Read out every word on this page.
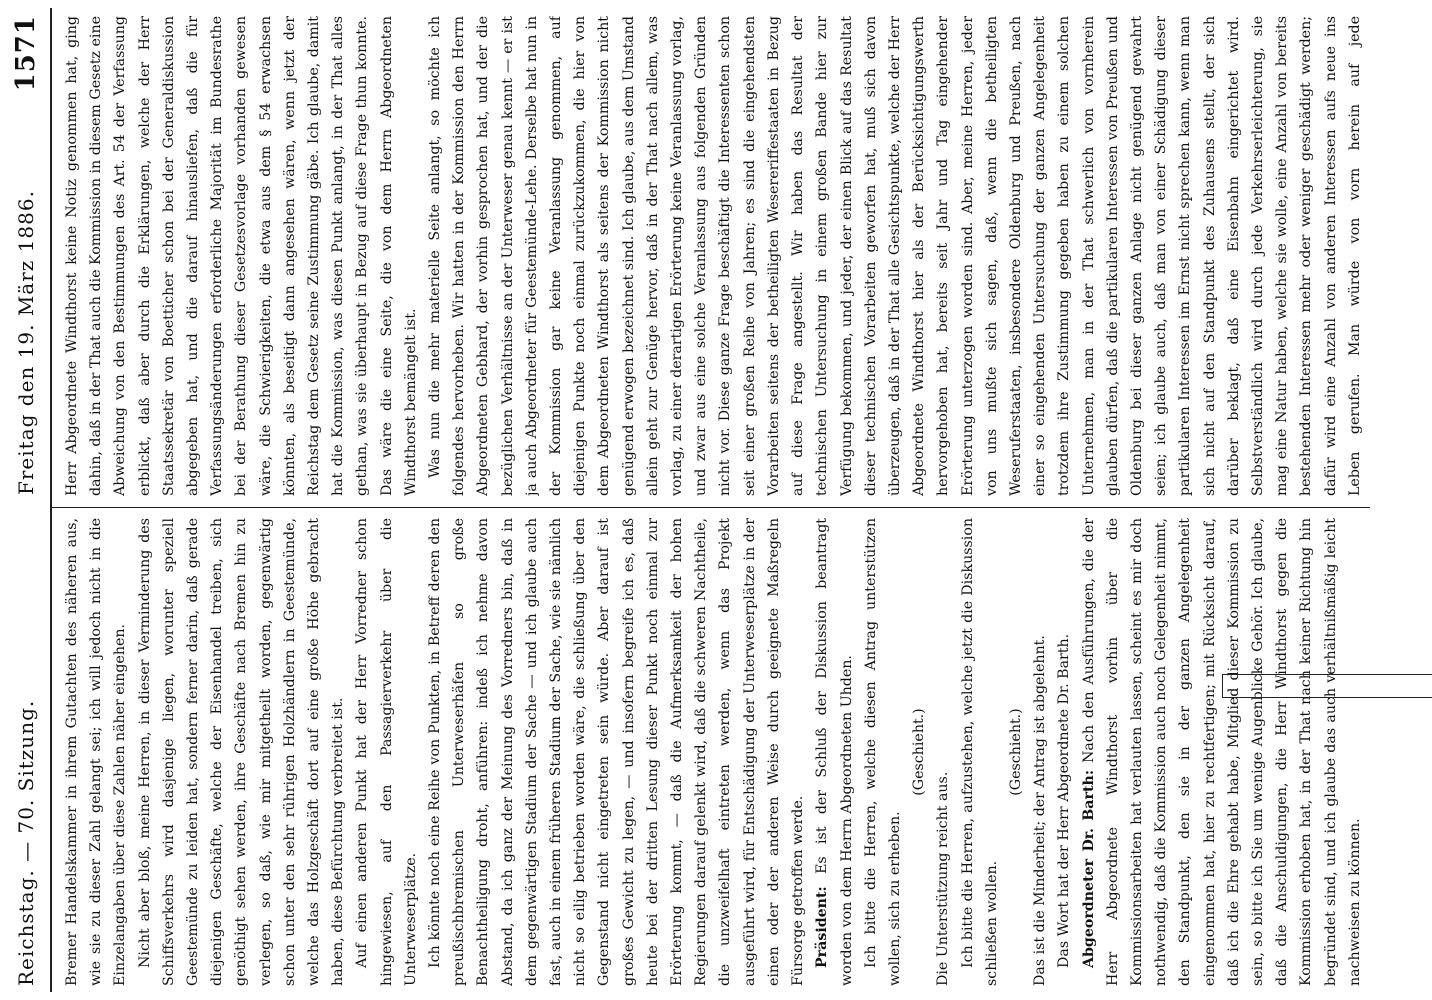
Reichstag. — 70. Sitzung.
Freitag den 19. März 1886.
1571

Bremer Handelskammer in ihrem Gutachten des näheren aus, wie sie zu dieser Zahl gelangt sei; ich will jedoch nicht in die Einzelangaben über diese Zahlen näher eingehen. Nicht aber bloß, meine Herren, in dieser Verminderung des Schiffsverkehrs wird dasjenige liegen, worunter speziell Geestemünde zu leiden hat, sondern ferner darin, daß gerade diejenigen Geschäfte, welche der Eisenhandel treiben, sich genöthigt sehen werden, ihre Geschäfte nach Bremen hin zu verlegen, so daß, wie mir mitgetheilt worden, gegenwärtig schon unter den sehr rührigen Holzhändlern in Geestemünde, welche das Holzgeschäft dort auf eine große Höhe gebracht haben, diese Befürchtung verbreitet ist. Auf einen anderen Punkt hat der Herr Vorredner schon hingewiesen, auf den Passagierverkehr über die Unterweserplätze. Ich könnte noch eine Reihe von Punkten, in Betreff deren den preußischbremischen Unterweserhäfen so große Benachtheiligung droht, anführen: indeß ich nehme davon Abstand, da ich ganz der Meinung des Vorredners bin, daß in dem gegenwärtigen Stadium der Sache — und ich glaube auch fast, auch in einem früheren Stadium der Sache, wie sie nämlich nicht so eilig betrieben worden wäre, die schließung über den Gegenstand nicht eingetreten sein würde. Aber darauf ist großes Gewicht zu legen, — und insofern begreife ich es, daß heute bei der dritten Lesung dieser Punkt noch einmal zur Erörterung kommt, — daß die Aufmerksamkeit der hohen Regierungen darauf gelenkt wird, daß die schweren Nachtheile, die unzweifelhaft eintreten werden, wenn das Projekt ausgeführt wird, für Entschädigung der Unterweserplätze in der einen oder der anderen Weise durch geeignete Maßregeln Fürsorge getroffen werde. Präsident: Es ist der Schluß der Diskussion beantragt worden von dem Herrn Abgeordneten Uhden. Ich bitte die Herren, welche diesen Antrag unterstützen wollen, sich zu erheben.

(Geschieht.)

Die Unterstützung reicht aus. Ich bitte die Herren, aufzustehen, welche jetzt die Diskussion schließen wollen.

(Geschieht.) Das ist die Minderheit; der Antrag ist abgelehnt. Das Wort hat der Herr Abgeordnete Dr. Barth. Abgeordneter Dr. Barth: Nach den Ausführungen, die der Herr Abgeordnete Windthorst vorhin über die Kommissionsarbeiten hat verlauten lassen, scheint es mir doch nothwendig, daß die Kommission auch noch Gelegenheit nimmt, den Standpunkt, den sie in der ganzen Angelegenheit eingenommen hat, hier zu rechtfertigen; mit Rücksicht darauf, daß ich die Ehre gehabt habe, Mitglied dieser Kommission zu sein, so bitte ich Sie um wenige Augenblicke Gehör. Ich glaube, daß die Anschuldigungen, die Herr Windthorst gegen die Kommission erhoben hat, in der That nach keiner Richtung hin begründet sind, und ich glaube das auch verhältnißmäßig leicht nachweisen zu können.

Herr Abgeordnete Windthorst keine Notiz genommen hat, ging dahin, daß in der That auch die Kommission in diesem Gesetz eine Abweichung von den Bestimmungen des Art. 54 der Verfassung erblickt, daß aber durch die Erklärungen, welche der Herr Staatssekretär von Boetticher schon bei der Generaldiskussion abgegeben hat, und die darauf hinausliefen, daß die für Verfassungsänderungen erforderliche Majorität im Bundesrathe bei der Berathung dieser Gesetzesvorlage vorhanden gewesen wäre, die Schwierigkeiten, die etwa aus dem § 54 erwachsen könnten, als beseitigt dann angesehen wären, wenn jetzt der Reichstag dem Gesetz seine Zustimmung gäbe. Ich glaube, damit hat die Kommission, was diesen Punkt anlangt, in der That alles gethan, was sie überhaupt in Bezug auf diese Frage thun konnte. Das wäre die eine Seite, die von dem Herrn Abgeordneten Windthorst bemängelt ist. Was nun die mehr materielle Seite anlangt, so möchte ich folgendes hervorheben. Wir hatten in der Kommission den Herrn Abgeordneten Gebhard, der vorhin gesprochen hat, und der die bezüglichen Verhältnisse an der Unterweser genau kennt — er ist ja auch Abgeordneter für Geestemünde-Lehe. Derselbe hat nun in der Kommission gar keine Veranlassung genommen, auf diejenigen Punkte noch einmal zurückzukommen, die hier von dem Abgeordneten Windthorst als seitens der Kommission nicht genügend erwogen bezeichnet sind. Ich glaube, aus dem Umstand allein geht zur Genüge hervor, daß in der That nach allem, was vorlag, zu einer derartigen Erörterung keine Veranlassung vorlag, und zwar aus eine solche Veranlassung aus folgenden Gründen nicht vor. Diese ganze Frage beschäftigt die Interessenten schon seit einer großen Reihe von Jahren; es sind die eingehendsten Vorarbeiten seitens der betheiligten Wesereriffestaaten in Bezug auf diese Frage angestellt. Wir haben das Resultat der technischen Untersuchung in einem großen Bande hier zur Verfügung bekommen, und jeder, der einen Blick auf das Resultat dieser technischen Vorarbeiten geworfen hat, muß sich davon überzeugen, daß in der That alle Gesichtspunkte, welche der Herr Abgeordnete Windthorst hier als der Berücksichtigungswerth hervorgehoben hat, bereits seit Jahr und Tag eingehender Erörterung unterzogen worden sind. Aber, meine Herren, jeder von uns mußte sich sagen, daß, wenn die betheiligten Weseruferstaaten, insbesondere Oldenburg und Preußen, nach einer so eingehenden Untersuchung der ganzen Angelegenheit trotzdem ihre Zustimmung gegeben haben zu einem solchen Unternehmen, man in der That schwerlich von vornherein glauben dürfen, daß die partikularen Interessen von Preußen und Oldenburg bei dieser ganzen Anlage nicht genügend gewahrt seien; ich glaube auch, daß man von einer Schädigung dieser partikularen Interessen im Ernst nicht sprechen kann, wenn man sich nicht auf den Standpunkt des Zuhausens stellt, der sich darüber beklagt, daß eine Eisenbahn eingerichtet wird. Selbstverständlich wird durch jede Verkehrserleichterung, sie mag eine Natur haben, welche sie wolle, eine Anzahl von bereits bestehenden Interessen mehr oder weniger geschädigt werden; dafür wird eine Anzahl von anderen Interessen aufs neue ins Leben gerufen. Man würde von vorn herein auf jede
